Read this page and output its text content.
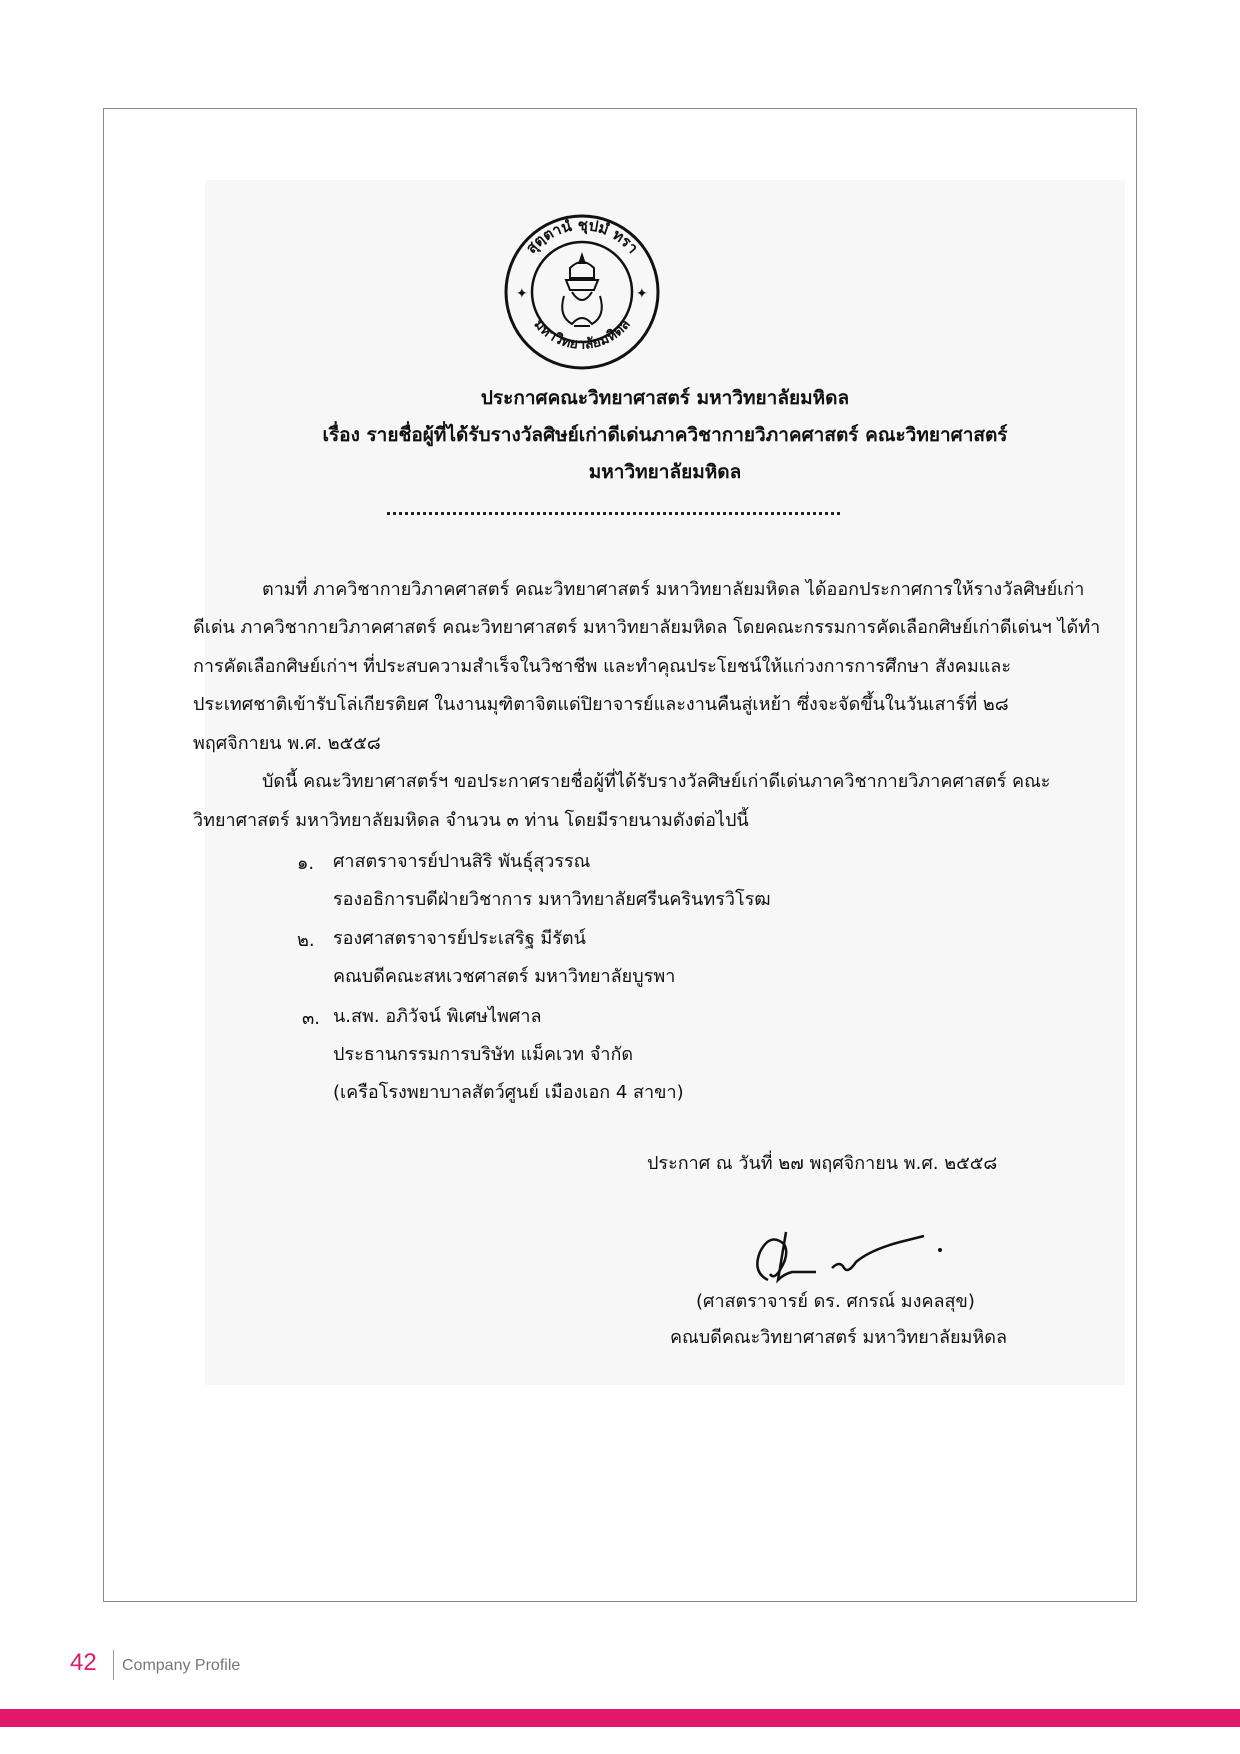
สุตฺตานํ ชุปมํ ทรา
มหาวิทยาลัยมหิดล
✦	✦
ประกาศคณะวิทยาศาสตร์ มหาวิทยาลัยมหิดล
เรื่อง รายชื่อผู้ที่ได้รับรางวัลศิษย์เก่าดีเด่นภาควิชากายวิภาคศาสตร์ คณะวิทยาศาสตร์
มหาวิทยาลัยมหิดล
ตามที่ ภาควิชากายวิภาคศาสตร์ คณะวิทยาศาสตร์ มหาวิทยาลัยมหิดล ได้ออกประกาศการให้รางวัลศิษย์เก่า
ดีเด่น ภาควิชากายวิภาคศาสตร์ คณะวิทยาศาสตร์ มหาวิทยาลัยมหิดล โดยคณะกรรมการคัดเลือกศิษย์เก่าดีเด่นฯ ได้ทำ
การคัดเลือกศิษย์เก่าฯ ที่ประสบความสำเร็จในวิชาชีพ และทำคุณประโยชน์ให้แก่วงการการศึกษา สังคมและ
ประเทศชาติเข้ารับโล่เกียรติยศ ในงานมุฑิตาจิตแด่ปิยาจารย์และงานคืนสู่เหย้า ซึ่งจะจัดขึ้นในวันเสาร์ที่ ๒๘
พฤศจิกายน พ.ศ. ๒๕๕๘
บัดนี้ คณะวิทยาศาสตร์ฯ ขอประกาศรายชื่อผู้ที่ได้รับรางวัลศิษย์เก่าดีเด่นภาควิชากายวิภาคศาสตร์ คณะ
วิทยาศาสตร์ มหาวิทยาลัยมหิดล จำนวน ๓ ท่าน โดยมีรายนามดังต่อไปนี้
๑. ศาสตราจารย์ปานสิริ พันธุ์สุวรรณ
รองอธิการบดีฝ่ายวิชาการ มหาวิทยาลัยศรีนครินทรวิโรฒ
๒. รองศาสตราจารย์ประเสริฐ มีรัตน์
คณบดีคณะสหเวชศาสตร์ มหาวิทยาลัยบูรพา
๓. น.สพ. อภิวัจน์ พิเศษไพศาล
ประธานกรรมการบริษัท แม็คเวท จำกัด
(เครือโรงพยาบาลสัตว์ศูนย์ เมืองเอก 4 สาขา)
ประกาศ ณ วันที่ ๒๗ พฤศจิกายน พ.ศ. ๒๕๕๘
(ศาสตราจารย์ ดร. ศกรณ์ มงคลสุข)
คณบดีคณะวิทยาศาสตร์ มหาวิทยาลัยมหิดล
42 Company Profile
